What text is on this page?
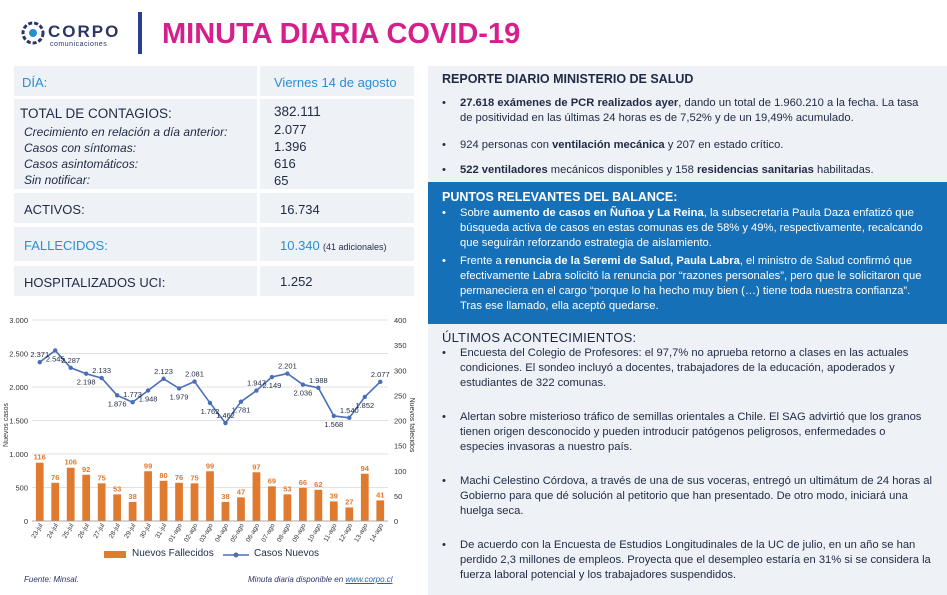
CORPO
comunicaciones MINUTA DIARIA COVID-19
DÍA:	Viernes 14 de agosto
TOTAL DE CONTAGIOS:	382.111
Crecimiento en relación a día anterior:	2.077
Casos con síntomas:	1.396
Casos asintomáticos:	616
Sin notificar:	65
ACTIVOS:	16.734
FALLECIDOS:	10.340 (41 adicionales)
HOSPITALIZADOS UCI:	1.252
0
500
1.000
1.500
2.000
2.500
3.000
0
50
100
150
200
250
300
350
400
Nuevos casos	Nuevos fallecidos
116
76
106
92
75
53
38
99
80 76 75
99
38
47
97
69
53
66 62
39
27
94
41
2.371
2.545
2.287
2.198
2.133
1.876
1.773
1.948
2.123
1.979
2.081
1.762
1.462
1.781
1.947
2.149
2.201
2.036
1.988
1.568
1.540
1.852
2.077
23-jul 24-jul 25-jul 26-jul 27-jul 28-jul 29-jul 30-jul 31-jul 01-ago 02-ago 03-ago 04-ago 05-ago 06-ago 07-ago 08-ago 09-ago 10-ago 11-ago 12-ago 13-ago 14-ago
Nuevos Fallecidos	Casos Nuevos
Fuente: Minsal.	Minuta diaria disponible en www.corpo.cl
REPORTE DIARIO MINISTERIO DE SALUD
• 27.618 exámenes de PCR realizados ayer, dando un total de 1.960.210 a la fecha. La tasa de positividad en las últimas 24 horas es de 7,52% y de un 19,49% acumulado.
• 924 personas con ventilación mecánica y 207 en estado crítico.
• 522 ventiladores mecánicos disponibles y 158 residencias sanitarias habilitadas.
PUNTOS RELEVANTES DEL BALANCE:
• Sobre aumento de casos en Ñuñoa y La Reina, la subsecretaria Paula Daza enfatizó que búsqueda activa de casos en estas comunas es de 58% y 49%, respectivamente, recalcando que seguirán reforzando estrategia de aislamiento.
• Frente a renuncia de la Seremi de Salud, Paula Labra, el ministro de Salud confirmó que efectivamente Labra solicitó la renuncia por “razones personales”, pero que le solicitaron que permaneciera en el cargo “porque lo ha hecho muy bien (…) tiene toda nuestra confianza”. Tras ese llamado, ella aceptó quedarse.
ÚLTIMOS ACONTECIMIENTOS:
• Encuesta del Colegio de Profesores: el 97,7% no aprueba retorno a clases en las actuales condiciones. El sondeo incluyó a docentes, trabajadores de la educación, apoderados y estudiantes de 322 comunas.
• Alertan sobre misterioso tráfico de semillas orientales a Chile. El SAG advirtió que los granos tienen origen desconocido y pueden introducir patógenos peligrosos, enfermedades o especies invasoras a nuestro país.
• Machi Celestino Córdova, a través de una de sus voceras, entregó un ultimátum de 24 horas al Gobierno para que dé solución al petitorio que han presentado. De otro modo, iniciará una huelga seca.
• De acuerdo con la Encuesta de Estudios Longitudinales de la UC de julio, en un año se han perdido 2,3 millones de empleos. Proyecta que el desempleo estaría en 31% si se considera la fuerza laboral potencial y los trabajadores suspendidos.
